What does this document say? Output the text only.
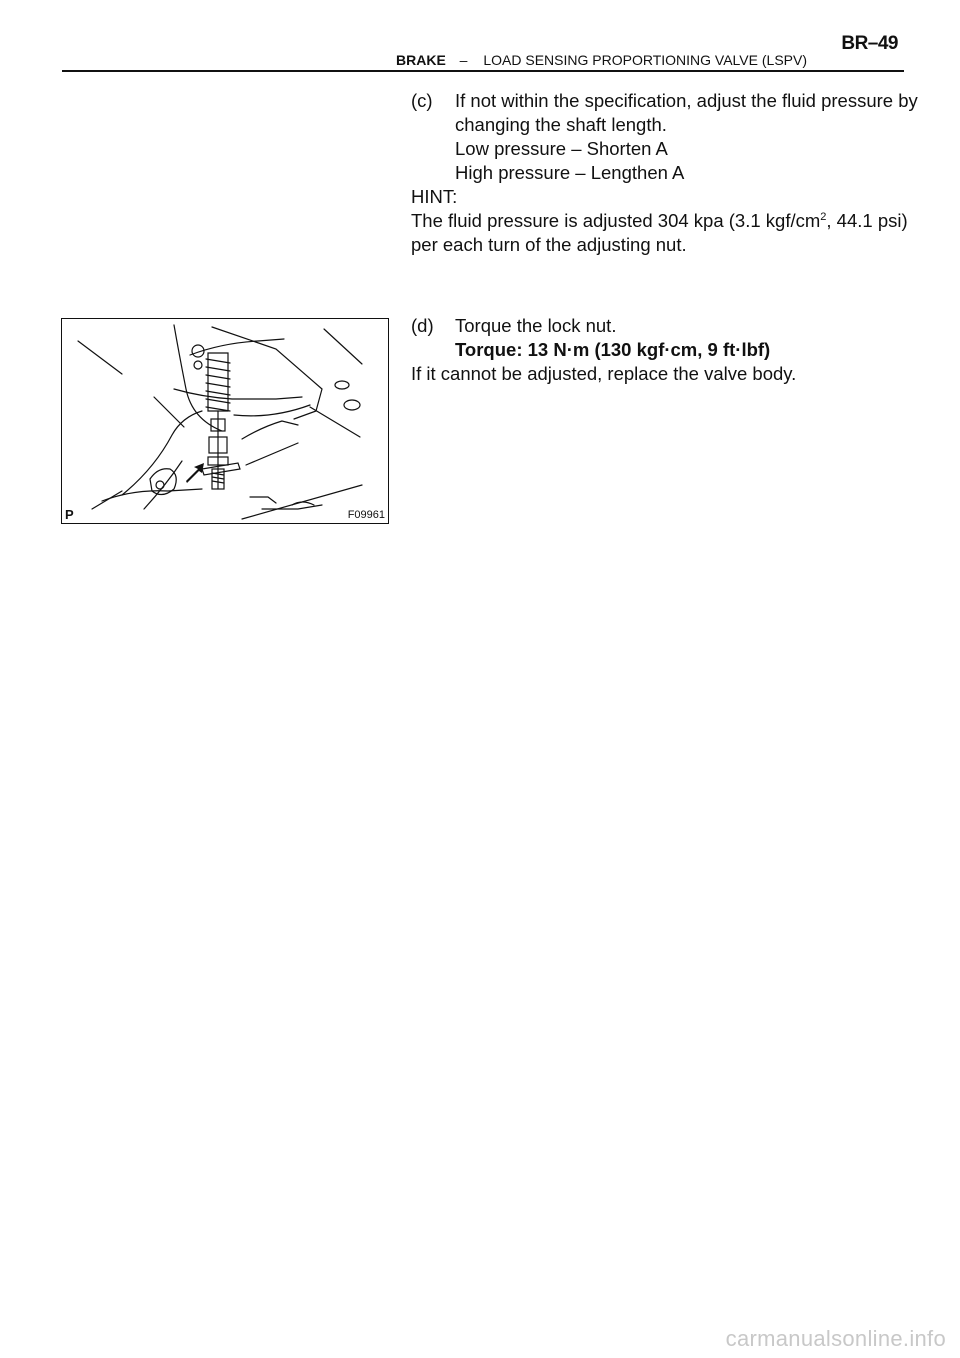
BR–49
BRAKE – LOAD SENSING PROPORTIONING VALVE (LSPV)
(c) If not within the specification, adjust the fluid pressure by
changing the shaft length.
Low pressure – Shorten A
High pressure – Lengthen A
HINT:
The fluid pressure is adjusted 304 kpa (3.1 kgf/$cm^2$, 44.1 psi)
per each turn of the adjusting nut.
(d) Torque the lock nut.
Torque: 13 N·m (130 kgf·cm, 9 ft·lbf)
If it cannot be adjusted, replace the valve body.
P	F09961
carmanualsonline.info
